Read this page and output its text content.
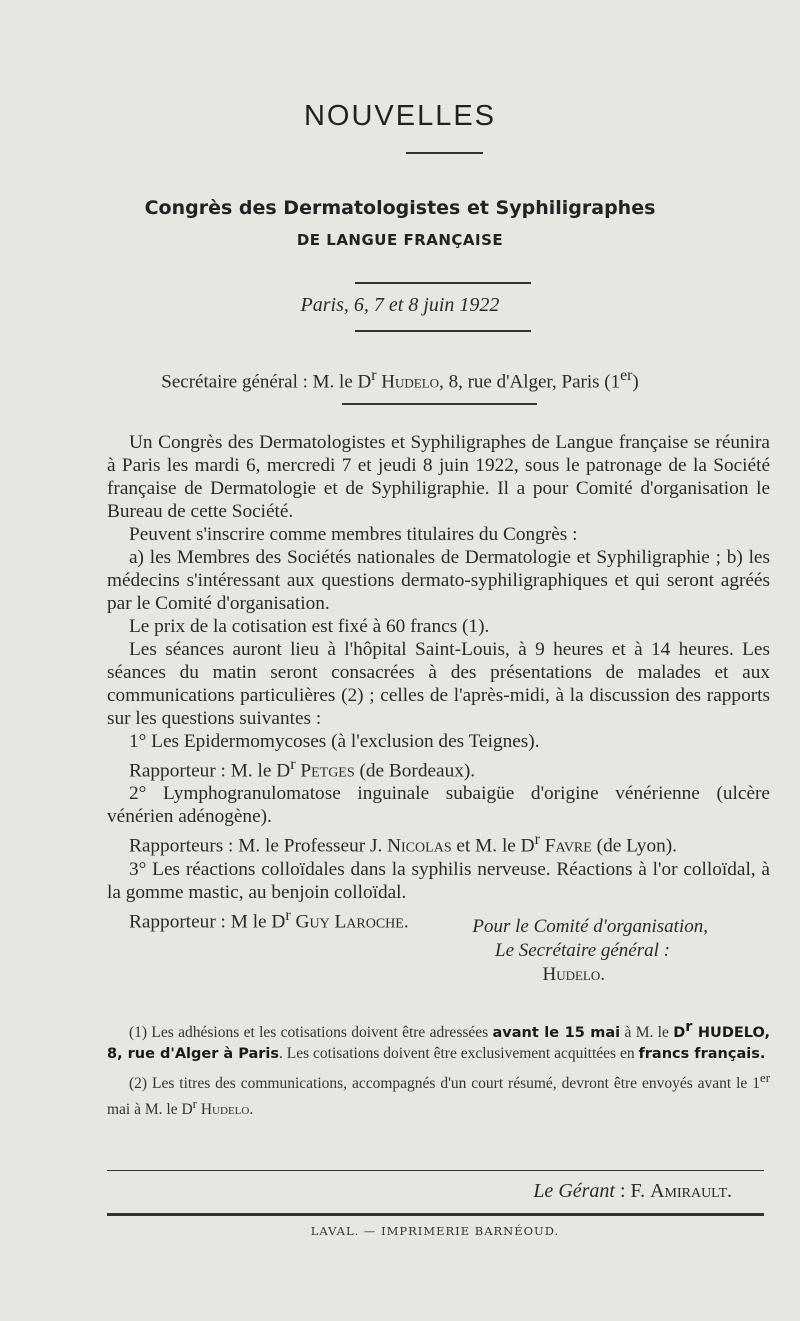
NOUVELLES
Congrès des Dermatologistes et Syphiligraphes
DE LANGUE FRANÇAISE
Paris, 6, 7 et 8 juin 1922
Secrétaire général : M. le $D^r$ Hudelo, 8, rue d'Alger, Paris (1er)

Un Congrès des Dermatologistes et Syphiligraphes de Langue française se réunira à Paris les mardi 6, mercredi 7 et jeudi 8 juin 1922, sous le patronage de la Société française de Dermatologie et de Syphiligraphie. Il a pour Comité d'organisation le Bureau de cette Société.

Peuvent s'inscrire comme membres titulaires du Congrès :

a) les Membres des Sociétés nationales de Dermatologie et Syphiligraphie ; b) les médecins s'intéressant aux questions dermato-syphiligraphiques et qui seront agréés par le Comité d'organisation.

Le prix de la cotisation est fixé à 60 francs (1).

Les séances auront lieu à l'hôpital Saint-Louis, à 9 heures et à 14 heures. Les séances du matin seront consacrées à des présentations de malades et aux communications particulières (2) ; celles de l'après-midi, à la discussion des rapports sur les questions suivantes :

1° Les Epidermomycoses (à l'exclusion des Teignes).

Rapporteur : M. le $D^r$ Petges (de Bordeaux).

2° Lymphogranulomatose inguinale subaigüe d'origine vénérienne (ulcère vénérien adénogène).

Rapporteurs : M. le Professeur J. Nicolas et M. le $D^r$ Favre (de Lyon).

3° Les réactions colloïdales dans la syphilis nerveuse. Réactions à l'or colloïdal, à la gomme mastic, au benjoin colloïdal.

Rapporteur : M le $D^r$ Guy Laroche.	Pour le Comité d'organisation,
Le Secrétaire général :
Hudelo.

(1) Les adhésions et les cotisations doivent être adressées avant le 15 mai à M. le D$^r$ HUDELO, 8, rue d'Alger à Paris. Les cotisations doivent être exclusivement acquittées en francs français.

(2) Les titres des communications, accompagnés d'un court résumé, devront être envoyés avant le 1er mai à M. le $D^r$ Hudelo.

Le Gérant : F. Amirault.
LAVAL. — IMPRIMERIE BARNÉOUD.
